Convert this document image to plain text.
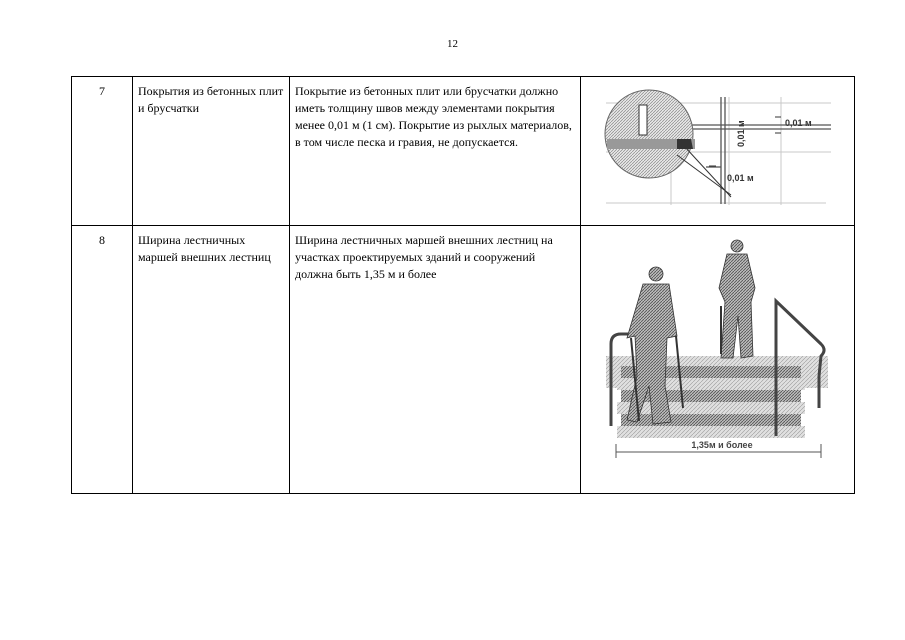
12
7	Покрытия из бетонных плит и брусчатки	Покрытие из бетонных плит или брусчатки должно иметь толщину швов между элементами покрытия менее 0,01 м (1 см). Покрытие из рыхлых материалов, в том числе песка и гравия, не допускается.	0,01 м
0,01 м
0,01 м

8	Ширина лестничных маршей внешних лестниц	Ширина лестничных маршей внешних лестниц на участках проектируемых зданий и сооружений должна быть 1,35 м и более	1,35м и более
